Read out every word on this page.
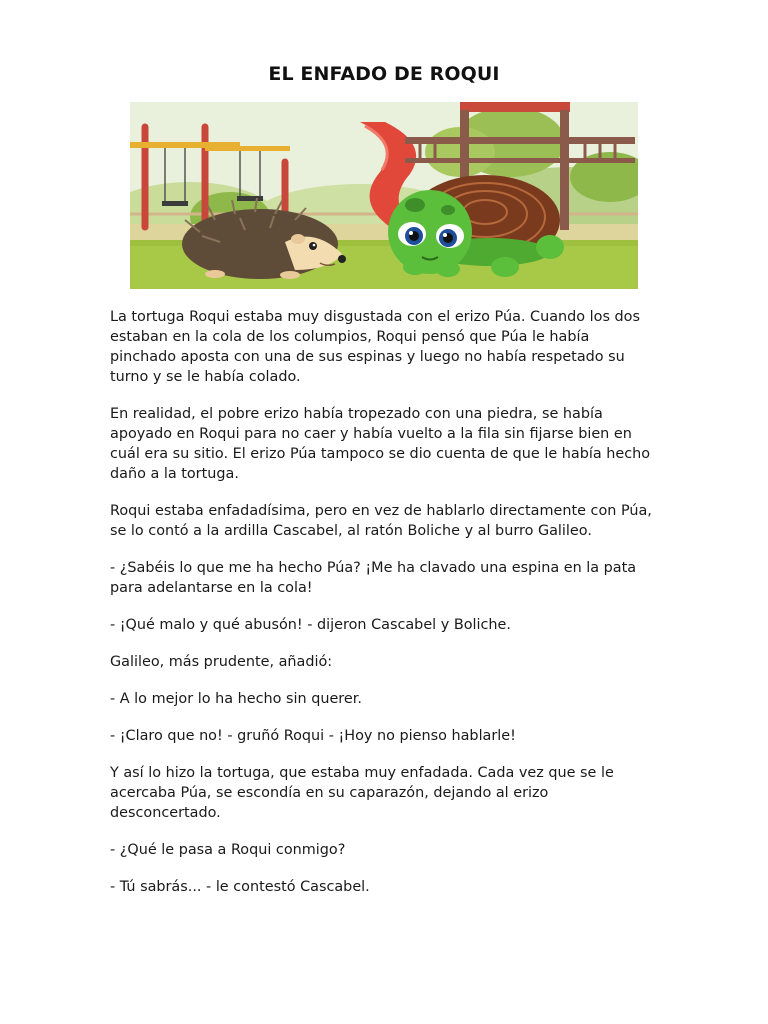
EL ENFADO DE ROQUI

La tortuga Roqui estaba muy disgustada con el erizo Púa. Cuando los dos
estaban en la cola de los columpios, Roqui pensó que Púa le había
pinchado aposta con una de sus espinas y luego no había respetado su
turno y se le había colado.

En realidad, el pobre erizo había tropezado con una piedra, se había
apoyado en Roqui para no caer y había vuelto a la fila sin fijarse bien en
cuál era su sitio. El erizo Púa tampoco se dio cuenta de que le había hecho
daño a la tortuga.

Roqui estaba enfadadísima, pero en vez de hablarlo directamente con Púa,
se lo contó a la ardilla Cascabel, al ratón Boliche y al burro Galileo.

- ¿Sabéis lo que me ha hecho Púa? ¡Me ha clavado una espina en la pata
para adelantarse en la cola!

- ¡Qué malo y qué abusón! - dijeron Cascabel y Boliche.

Galileo, más prudente, añadió:

- A lo mejor lo ha hecho sin querer.

- ¡Claro que no! - gruñó Roqui - ¡Hoy no pienso hablarle!

Y así lo hizo la tortuga, que estaba muy enfadada. Cada vez que se le
acercaba Púa, se escondía en su caparazón, dejando al erizo
desconcertado.

- ¿Qué le pasa a Roqui conmigo?

- Tú sabrás... - le contestó Cascabel.
